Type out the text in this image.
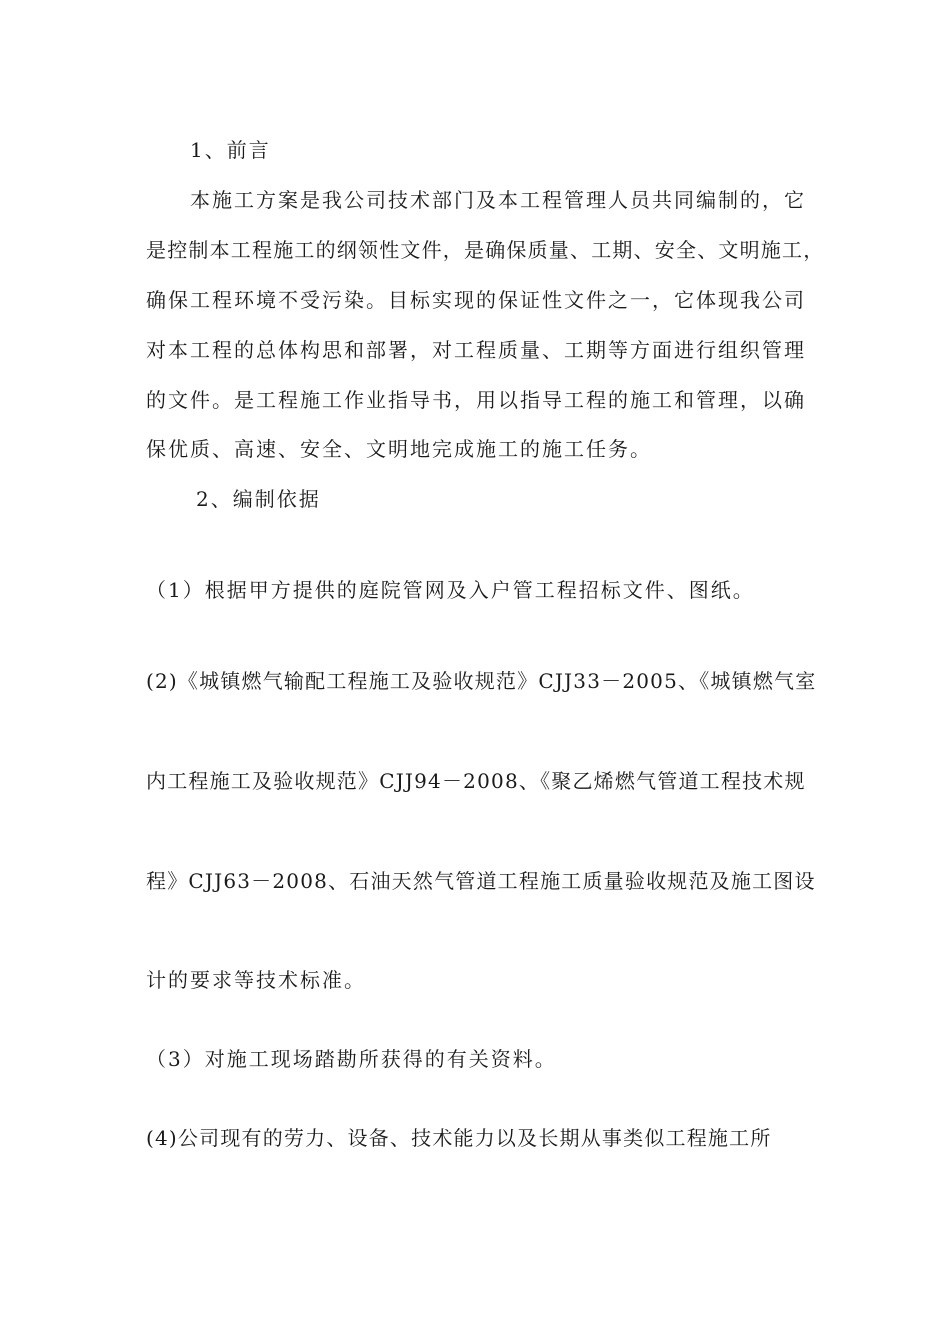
1、前言
本施工方案是我公司技术部门及本工程管理人员共同编制的，它
是控制本工程施工的纲领性文件，是确保质量、工期、安全、文明施工，
确保工程环境不受污染。目标实现的保证性文件之一，它体现我公司
对本工程的总体构思和部署，对工程质量、工期等方面进行组织管理
的文件。是工程施工作业指导书，用以指导工程的施工和管理，以确
保优质、高速、安全、文明地完成施工的施工任务。
2、编制依据
（1）根据甲方提供的庭院管网及入户管工程招标文件、图纸。
(2)《城镇燃气输配工程施工及验收规范》CJJ33－2005、《城镇燃气室
内工程施工及验收规范》CJJ94－2008、《聚乙烯燃气管道工程技术规
程》CJJ63－2008、石油天然气管道工程施工质量验收规范及施工图设
计的要求等技术标准。
（3）对施工现场踏勘所获得的有关资料。
(4)公司现有的劳力、设备、技术能力以及长期从事类似工程施工所
